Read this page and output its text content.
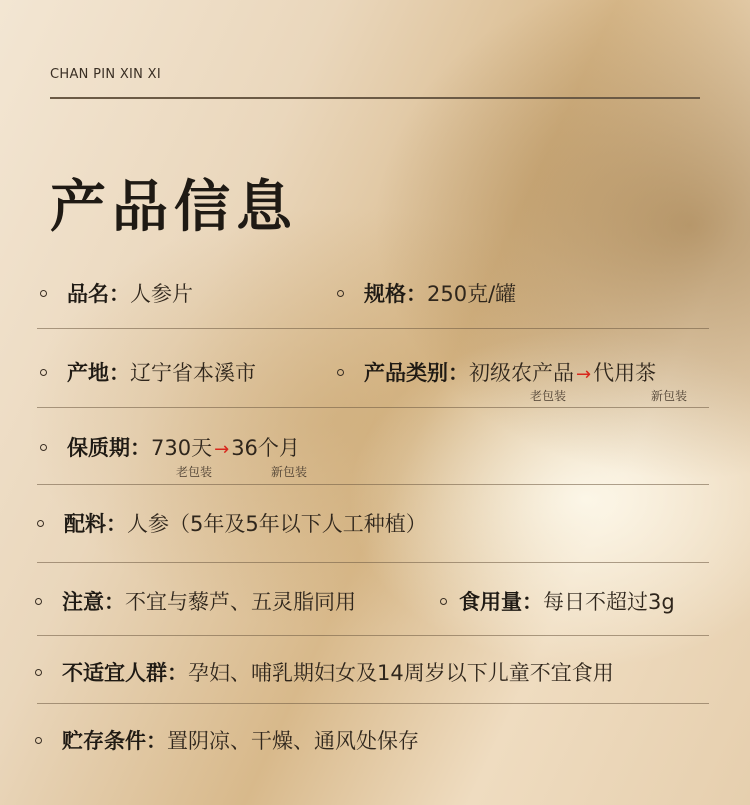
CHAN PIN XIN XI
产品信息
品名： 人参片	规格： 250克/罐
产地： 辽宁省本溪市	产品类别： 初级农产品 → 代用茶
老包装	新包装
保质期： 730天 → 36个月
老包装	新包装
配料： 人参（5年及5年以下人工种植）
注意： 不宜与藜芦、五灵脂同用	食用量： 每日不超过3g
不适宜人群： 孕妇、哺乳期妇女及14周岁以下儿童不宜食用
贮存条件： 置阴凉、干燥、通风处保存
